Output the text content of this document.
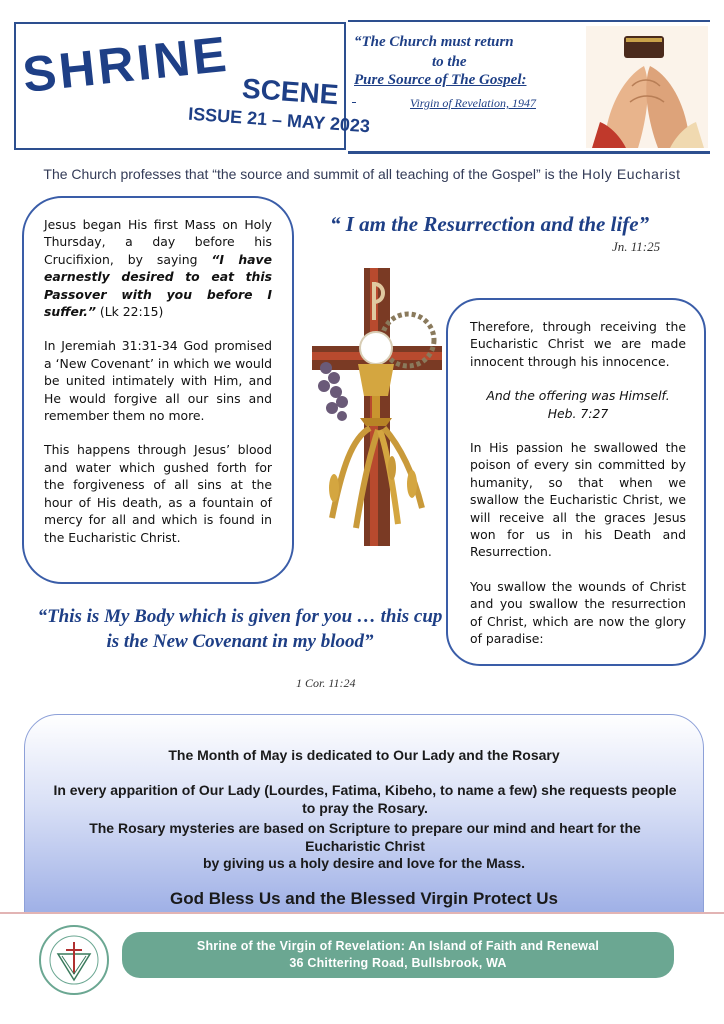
SHRINE SCENE
ISSUE 21 – MAY 2023
“The Church must return
to the
Pure Source of The Gospel:
Virgin of Revelation, 1947
The Church professes that “the source and summit of all teaching of the Gospel” is the Holy Eucharist

Jesus began His first Mass on Holy Thursday, a day before his Crucifixion, by saying “I have earnestly desired to eat this Passover with you before I suffer.” (Lk 22:15)

In Jeremiah 31:31-34 God promised a ‘New Covenant’ in which we would be united intimately with Him, and He would forgive all our sins and remember them no more.

This happens through Jesus’ blood and water which gushed forth for the forgiveness of all sins at the hour of His death, as a fountain of mercy for all and which is found in the Eucharistic Christ.

“ I am the Resurrection and the life”
Jn. 11:25

Therefore, through receiving the Eucharistic Christ we are made innocent through his innocence.

And the offering was Himself.
Heb. 7:27

In His passion he swallowed the poison of every sin committed by humanity, so that when we swallow the Eucharistic Christ, we will receive all the graces Jesus won for us in his Death and Resurrection.

You swallow the wounds of Christ and you swallow the resurrection of Christ, which are now the glory of paradise:

“This is My Body which is given for you … this cup is the New Covenant in my blood”
1 Cor. 11:24
The Month of May is dedicated to Our Lady and the Rosary
In every apparition of Our Lady (Lourdes, Fatima, Kibeho, to name a few) she requests people to pray the Rosary.
The Rosary mysteries are based on Scripture to prepare our mind and heart for the Eucharistic Christ
by giving us a holy desire and love for the Mass.
God Bless Us and the Blessed Virgin Protect Us
Shrine of the Virgin of Revelation: An Island of Faith and Renewal
36 Chittering Road, Bullsbrook, WA
